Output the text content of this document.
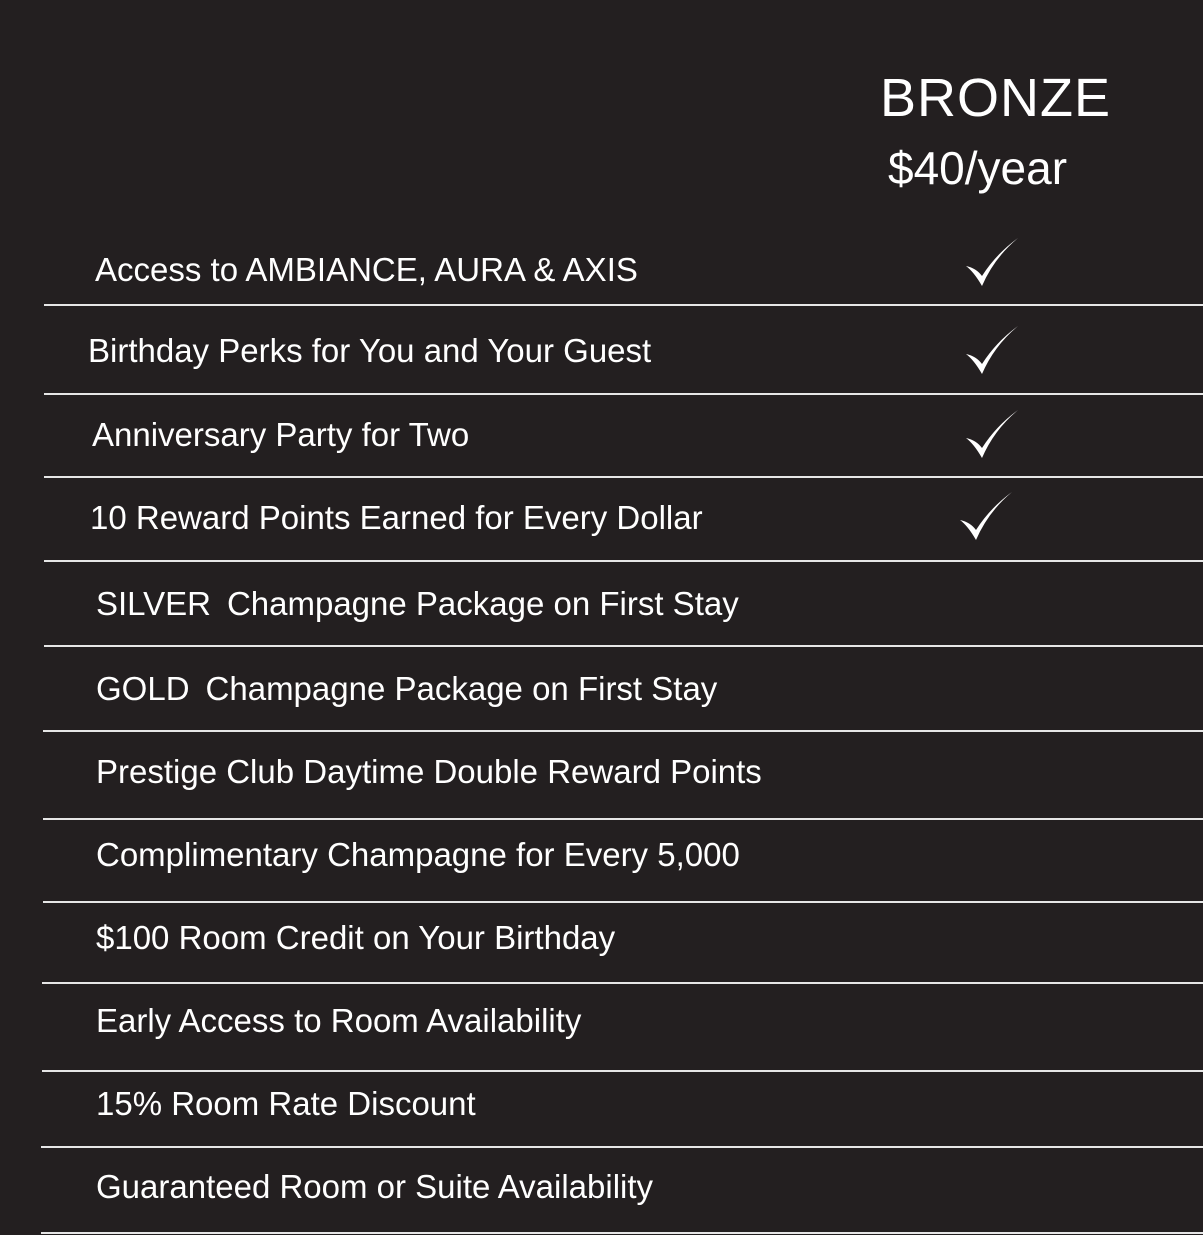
BRONZE
$40/year
Access to AMBIANCE, AURA & AXIS
Birthday Perks for You and Your Guest
Anniversary Party for Two
10 Reward Points Earned for Every Dollar
SILVER Champagne Package on First Stay
GOLD Champagne Package on First Stay
Prestige Club Daytime Double Reward Points
Complimentary Champagne for Every 5,000
$100 Room Credit on Your Birthday
Early Access to Room Availability
15% Room Rate Discount
Guaranteed Room or Suite Availability
